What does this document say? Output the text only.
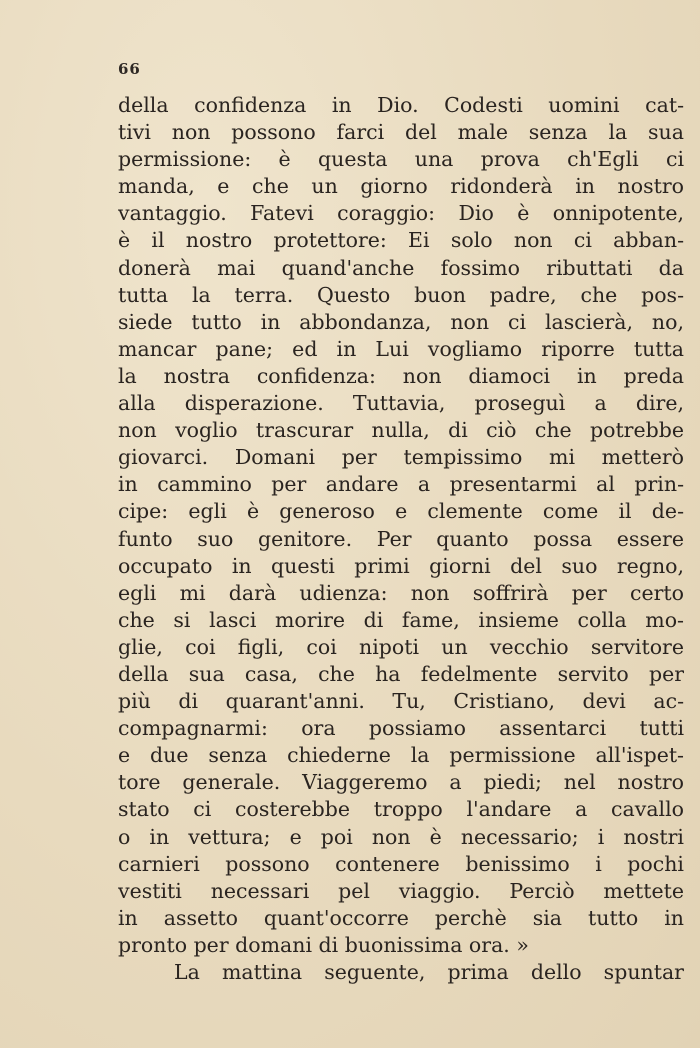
66
della confidenza in Dio. Codesti uomini cat-
tivi non possono farci del male senza la sua
permissione: è questa una prova ch'Egli ci
manda, e che un giorno ridonderà in nostro
vantaggio. Fatevi coraggio: Dio è onnipotente,
è il nostro protettore: Ei solo non ci abban-
donerà mai quand'anche fossimo ributtati da
tutta la terra. Questo buon padre, che pos-
siede tutto in abbondanza, non ci lascierà, no,
mancar pane; ed in Lui vogliamo riporre tutta
la nostra confidenza: non diamoci in preda
alla disperazione. Tuttavia, proseguì a dire,
non voglio trascurar nulla, di ciò che potrebbe
giovarci. Domani per tempissimo mi metterò
in cammino per andare a presentarmi al prin-
cipe: egli è generoso e clemente come il de-
funto suo genitore. Per quanto possa essere
occupato in questi primi giorni del suo regno,
egli mi darà udienza: non soffrirà per certo
che si lasci morire di fame, insieme colla mo-
glie, coi figli, coi nipoti un vecchio servitore
della sua casa, che ha fedelmente servito per
più di quarant'anni. Tu, Cristiano, devi ac-
compagnarmi: ora possiamo assentarci tutti
e due senza chiederne la permissione all'ispet-
tore generale. Viaggeremo a piedi; nel nostro
stato ci costerebbe troppo l'andare a cavallo
o in vettura; e poi non è necessario; i nostri
carnieri possono contenere benissimo i pochi
vestiti necessari pel viaggio. Perciò mettete
in assetto quant'occorre perchè sia tutto in
pronto per domani di buonissima ora. »
La mattina seguente, prima dello spuntar
